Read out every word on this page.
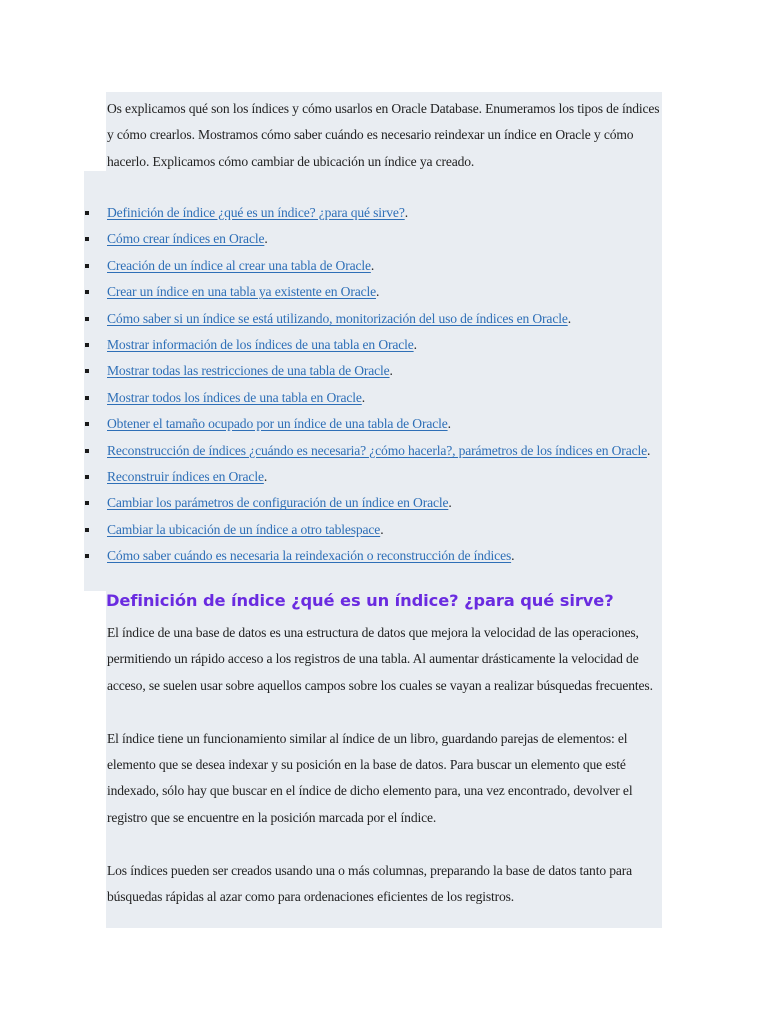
Os explicamos qué son los índices y cómo usarlos en Oracle Database. Enumeramos los tipos de índices y cómo crearlos. Mostramos cómo saber cuándo es necesario reindexar un índice en Oracle y cómo hacerlo. Explicamos cómo cambiar de ubicación un índice ya creado.

Definición de índice ¿qué es un índice? ¿para qué sirve?.
Cómo crear índices en Oracle.
Creación de un índice al crear una tabla de Oracle.
Crear un índice en una tabla ya existente en Oracle.
Cómo saber si un índice se está utilizando, monitorización del uso de índices en Oracle.
Mostrar información de los índices de una tabla en Oracle.
Mostrar todas las restricciones de una tabla de Oracle.
Mostrar todos los índices de una tabla en Oracle.
Obtener el tamaño ocupado por un índice de una tabla de Oracle.
Reconstrucción de índices ¿cuándo es necesaria? ¿cómo hacerla?, parámetros de los índices en Oracle.
Reconstruir índices en Oracle.
Cambiar los parámetros de configuración de un índice en Oracle.
Cambiar la ubicación de un índice a otro tablespace.
Cómo saber cuándo es necesaria la reindexación o reconstrucción de índices.
Definición de índice ¿qué es un índice? ¿para qué sirve?

El índice de una base de datos es una estructura de datos que mejora la velocidad de las operaciones, permitiendo un rápido acceso a los registros de una tabla. Al aumentar drásticamente la velocidad de acceso, se suelen usar sobre aquellos campos sobre los cuales se vayan a realizar búsquedas frecuentes.

El índice tiene un funcionamiento similar al índice de un libro, guardando parejas de elementos: el elemento que se desea indexar y su posición en la base de datos. Para buscar un elemento que esté indexado, sólo hay que buscar en el índice de dicho elemento para, una vez encontrado, devolver el registro que se encuentre en la posición marcada por el índice.

Los índices pueden ser creados usando una o más columnas, preparando la base de datos tanto para búsquedas rápidas al azar como para ordenaciones eficientes de los registros.
